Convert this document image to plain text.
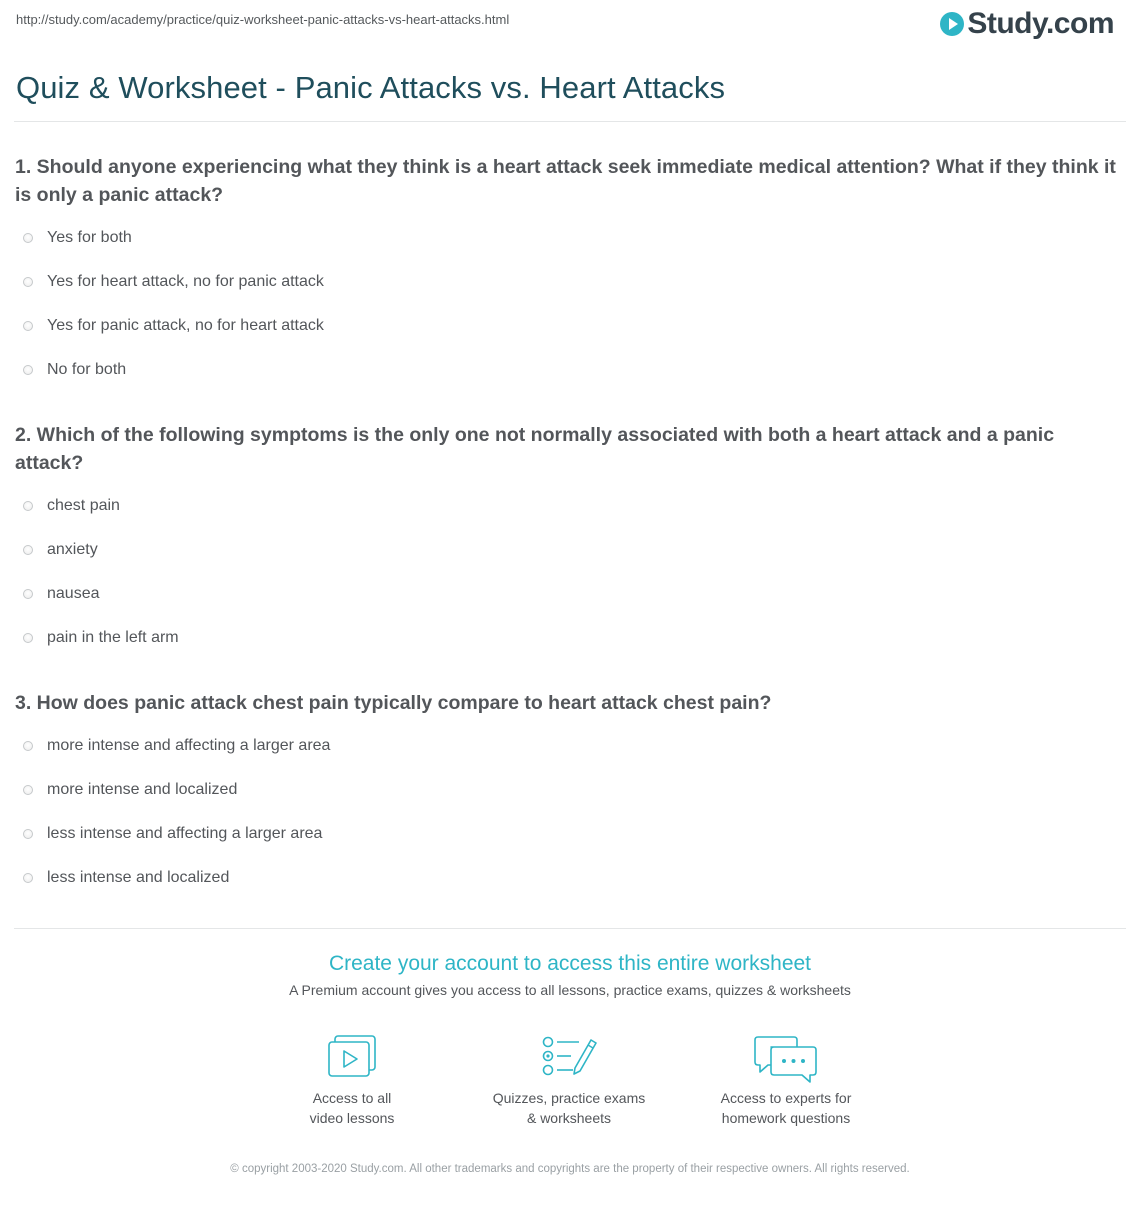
http://study.com/academy/practice/quiz-worksheet-panic-attacks-vs-heart-attacks.html	Study.com
Quiz & Worksheet - Panic Attacks vs. Heart Attacks
1. Should anyone experiencing what they think is a heart attack seek immediate medical attention? What if they think it is only a panic attack?
Yes for both
Yes for heart attack, no for panic attack
Yes for panic attack, no for heart attack
No for both
2. Which of the following symptoms is the only one not normally associated with both a heart attack and a panic attack?
chest pain
anxiety
nausea
pain in the left arm
3. How does panic attack chest pain typically compare to heart attack chest pain?
more intense and affecting a larger area
more intense and localized
less intense and affecting a larger area
less intense and localized
Create your account to access this entire worksheet
A Premium account gives you access to all lessons, practice exams, quizzes & worksheets
Access to all
video lessons
Quizzes, practice exams
& worksheets
Access to experts for
homework questions
© copyright 2003-2020 Study.com. All other trademarks and copyrights are the property of their respective owners. All rights reserved.
